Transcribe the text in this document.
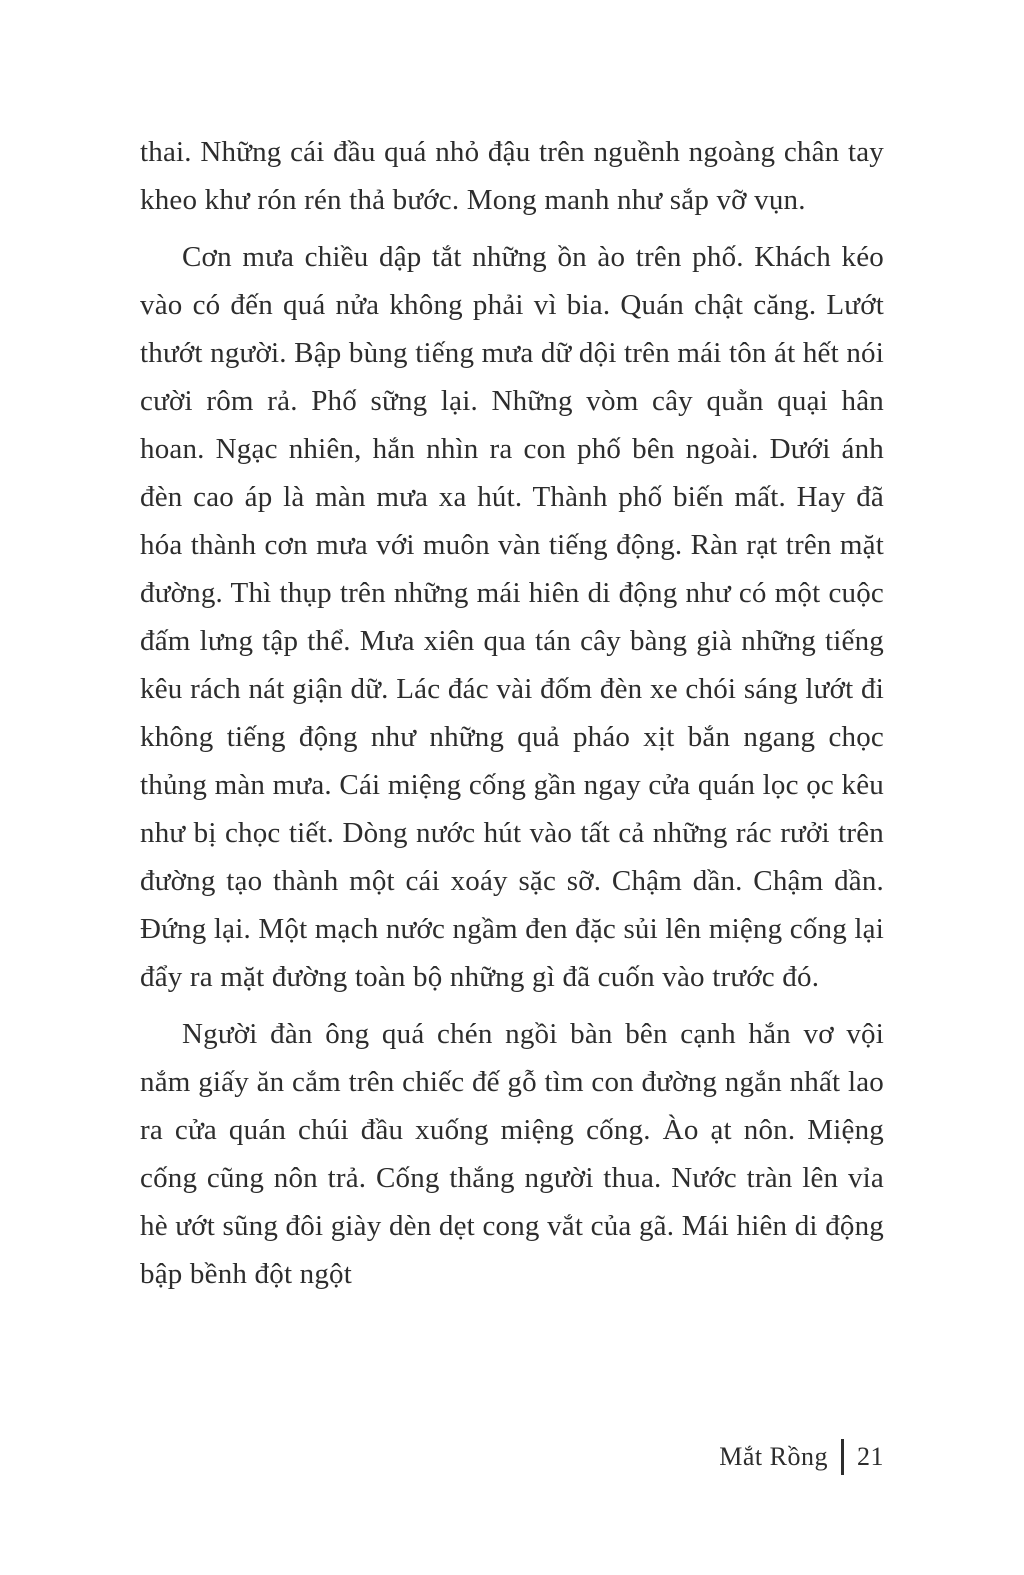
thai. Những cái đầu quá nhỏ đậu trên nguềnh ngoàng chân tay kheo khư rón rén thả bước. Mong manh như sắp vỡ vụn.

Cơn mưa chiều dập tắt những ồn ào trên phố. Khách kéo vào có đến quá nửa không phải vì bia. Quán chật căng. Lướt thướt người. Bập bùng tiếng mưa dữ dội trên mái tôn át hết nói cười rôm rả. Phố sững lại. Những vòm cây quằn quại hân hoan. Ngạc nhiên, hắn nhìn ra con phố bên ngoài. Dưới ánh đèn cao áp là màn mưa xa hút. Thành phố biến mất. Hay đã hóa thành cơn mưa với muôn vàn tiếng động. Ràn rạt trên mặt đường. Thì thụp trên những mái hiên di động như có một cuộc đấm lưng tập thể. Mưa xiên qua tán cây bàng già những tiếng kêu rách nát giận dữ. Lác đác vài đốm đèn xe chói sáng lướt đi không tiếng động như những quả pháo xịt bắn ngang chọc thủng màn mưa. Cái miệng cống gần ngay cửa quán lọc ọc kêu như bị chọc tiết. Dòng nước hút vào tất cả những rác rưởi trên đường tạo thành một cái xoáy sặc sỡ. Chậm dần. Chậm dần. Đứng lại. Một mạch nước ngầm đen đặc sủi lên miệng cống lại đẩy ra mặt đường toàn bộ những gì đã cuốn vào trước đó.

Người đàn ông quá chén ngồi bàn bên cạnh hắn vơ vội nắm giấy ăn cắm trên chiếc đế gỗ tìm con đường ngắn nhất lao ra cửa quán chúi đầu xuống miệng cống. Ào ạt nôn. Miệng cống cũng nôn trả. Cống thắng người thua. Nước tràn lên vỉa hè ướt sũng đôi giày dèn dẹt cong vắt của gã. Mái hiên di động bập bềnh đột ngột

Mắt Rồng 21
